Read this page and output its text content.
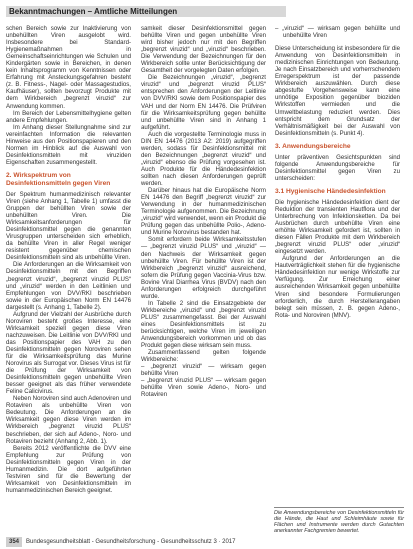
Bekanntmachungen – Amtliche Mitteilungen

schen Bereich sowie zur Inaktivierung von unbehüllten Viren ausgelobt wird. Insbesondere bei Standard-Hygienemaßnahmen in Gemeinschaftseinrichtungen wie Schulen und Kindergärten sowie in Bereichen, in denen kein Inhaltsprogramm von Kenntnissen oder Erfahrung mit Ansteckungsgefahren besteht (z. B. Fitness-, Nagel- oder Massagestudios, Kaufhäuser), sollten bevorzugt Produkte mit dem Wirkbereich „begrenzt viruzid“ zur Anwendung kommen.

Im Bereich der Lebensmittelhygiene gelten andere Empfehlungen.

Im Anhang dieser Stellungnahme sind zur vereinfachten Information die relevanten Hinweise aus den Positionspapieren und den Normen im Hinblick auf die Auswahl von Desinfektionsmitteln mit viruziden Eigenschaften zusammengestellt.

2. Wirkspektrum von Desinfektionsmitteln gegen Viren

Der Spektrum humanmedizinisch relevanter Viren (siehe Anhang 1, Tabelle 1) umfasst die Gruppen der behüllten Viren sowie der unbehüllten Viren. Die Wirksamkeitsanforderungen für Desinfektionsmittel gegen die genannten Virusgruppen unterscheiden sich erheblich, da behüllte Viren in aller Regel weniger resistent gegenüber chemischen Desinfektionsmitteln sind als unbehüllte Viren.

Die Anforderungen an die Wirksamkeit von Desinfektionsmitteln mit den Begriffen „begrenzt viruzid“, „begrenzt viruzid PLUS“ und „viruzid“ werden in den Leitlinien und Empfehlungen von DVV/RKI beschrieben sowie in der Europäischen Norm EN 14476 dargestellt (s. Anhang 1, Tabelle 2).

Aufgrund der Vielzahl der Ausbrüche durch Noroviren besteht großes Interesse, eine Wirksamkeit speziell gegen diese Viren nachzuweisen. Die Leitlinie von DVV/RKI und das Positionspapier des VAH zu den Desinfektionsmitteln gegen Noroviren sehen für die Wirksamkeitsprüfung das Murine Norovirus als Surrogat vor. Dieses Virus ist für die Prüfung der Wirksamkeit von Desinfektionsmitteln gegen unbehüllte Viren besser geeignet als das früher verwendete Feline Calicivirus.

Neben Noroviren sind auch Adenoviren und Rotaviren als unbehüllte Viren von Bedeutung. Die Anforderungen an die Wirksamkeit gegen diese Viren werden im Wirkbereich „begrenzt viruzid PLUS“ beschrieben, der sich auf Adeno-, Noro- und Rotaviren bezieht (Anhang 2, Abb. 1).

Bereits 2012 veröffentlichte die DVV eine Empfehlung zur Prüfung von Desinfektionsmitteln gegen Viren in der Humanmedizin. Die dort aufgeführten Testviren sind für die Bewertung der Wirksamkeit von Desinfektionsmitteln im humanmedizinischen Bereich geeignet.

samkeit dieser Desinfektionsmittel gegen behüllte Viren und gegen unbehüllte Viren wird bisher jedoch nur mit den Begriffen „begrenzt viruzid“ und „viruzid“ beschrieben. Die Verwendung der Bezeichnungen für den Wirkbereich sollte unter Berücksichtigung der Gesamtheit der vorgelegten Daten erfolgen.

Die Bezeichnungen „viruzid“, „begrenzt viruzid“ und „begrenzt viruzid PLUS“ entsprechen den Anforderungen der Leitlinie von DVV/RKI sowie dem Positionspapier des VAH und der Norm EN 14476. Die Prüfviren für die Wirksamkeitsprüfung gegen behüllte und unbehüllte Viren sind in Anhang 1 aufgeführt.

Auch die vorgestellte Terminologie muss in DIN EN 14476 (2013 A2: 2019) aufgegriffen werden, sodass für Desinfektionsmittel mit den Bezeichnungen „begrenzt viruzid“ und „viruzid“ ebenso die Prüfung vorgesehen ist. Auch Produkte für die Händedesinfektion sollten nach diesen Anforderungen geprüft werden.

Darüber hinaus hat die Europäische Norm EN 14476 den Begriff „begrenzt viruzid“ zur Verwendung in der humanmedizinischen Terminologie aufgenommen. Die Bezeichnung „viruzid“ wird verwendet, wenn ein Produkt die Prüfung gegen das unbehüllte Polio-, Adeno- und Murine Norovirus bestanden hat.

Somit erfordern beide Wirksamkeitsstufen — „begrenzt viruzid PLUS“ und „viruzid“ — den Nachweis der Wirksamkeit gegen unbehüllte Viren. Für behüllte Viren ist der Wirkbereich „begrenzt viruzid“ ausreichend, sofern die Prüfung gegen Vaccinia-Virus bzw. Bovine Viral Diarrhea Virus (BVDV) nach den Anforderungen erfolgreich durchgeführt wurde.

In Tabelle 2 sind die Einsatzgebiete der Wirkbereiche „viruzid“ und „begrenzt viruzid PLUS“ zusammengefasst. Bei der Auswahl eines Desinfektionsmittels ist zu berücksichtigen, welche Viren im jeweiligen Anwendungsbereich vorkommen und ob das Produkt gegen diese wirksam sein muss.

Zusammenfassend gelten folgende Wirkbereiche:

– „begrenzt viruzid“ — wirksam gegen behüllte Viren

– „begrenzt viruzid PLUS“ — wirksam gegen behüllte Viren sowie Adeno-, Noro- und Rotaviren

– „viruzid“ — wirksam gegen behüllte und unbehüllte Viren

Diese Unterscheidung ist insbesondere für die Anwendung von Desinfektionsmitteln in medizinischen Einrichtungen von Bedeutung. Je nach Einsatzbereich und vorherrschendem Erregerspektrum ist der passende Wirkbereich auszuwählen. Durch diese abgestufte Vorgehensweise kann eine unnötige Exposition gegenüber bioziden Wirkstoffen vermieden und die Umweltbelastung reduziert werden. Dies entspricht dem Grundsatz der Verhältnismäßigkeit bei der Auswahl von Desinfektionsmitteln (s. Punkt 4).

3. Anwendungsbereiche

Unter präventiven Gesichtspunkten sind folgende Anwendungsbereiche für Desinfektionsmittel gegen Viren zu unterscheiden:

3.1 Hygienische Händedesinfektion

Die hygienische Händedesinfektion dient der Reduktion der transienten Hautflora und der Unterbrechung von Infektionsketten. Da bei Ausbrüchen durch unbehüllte Viren eine erhöhte Wirksamkeit gefordert ist, sollten in diesen Fällen Produkte mit dem Wirkbereich „begrenzt viruzid PLUS“ oder „viruzid“ eingesetzt werden.

Aufgrund der Anforderungen an die Hautverträglichkeit stehen für die hygienische Händedesinfektion nur wenige Wirkstoffe zur Verfügung. Zur Erreichung einer ausreichenden Wirksamkeit gegen unbehüllte Viren sind besondere Formulierungen erforderlich, die durch Herstellerangaben belegt sein müssen, z. B. gegen Adeno-, Rota- und Noroviren (MNV).

Die Anwendungsbereiche von Desinfektionsmitteln für die Hände, die Haut und Schleimhäute sowie für Flächen und Instrumente werden durch Gutachten anerkannter Fachgremien bewertet.
354 Bundesgesundheitsblatt - Gesundheitsforschung - Gesundheitsschutz 3 · 2017
